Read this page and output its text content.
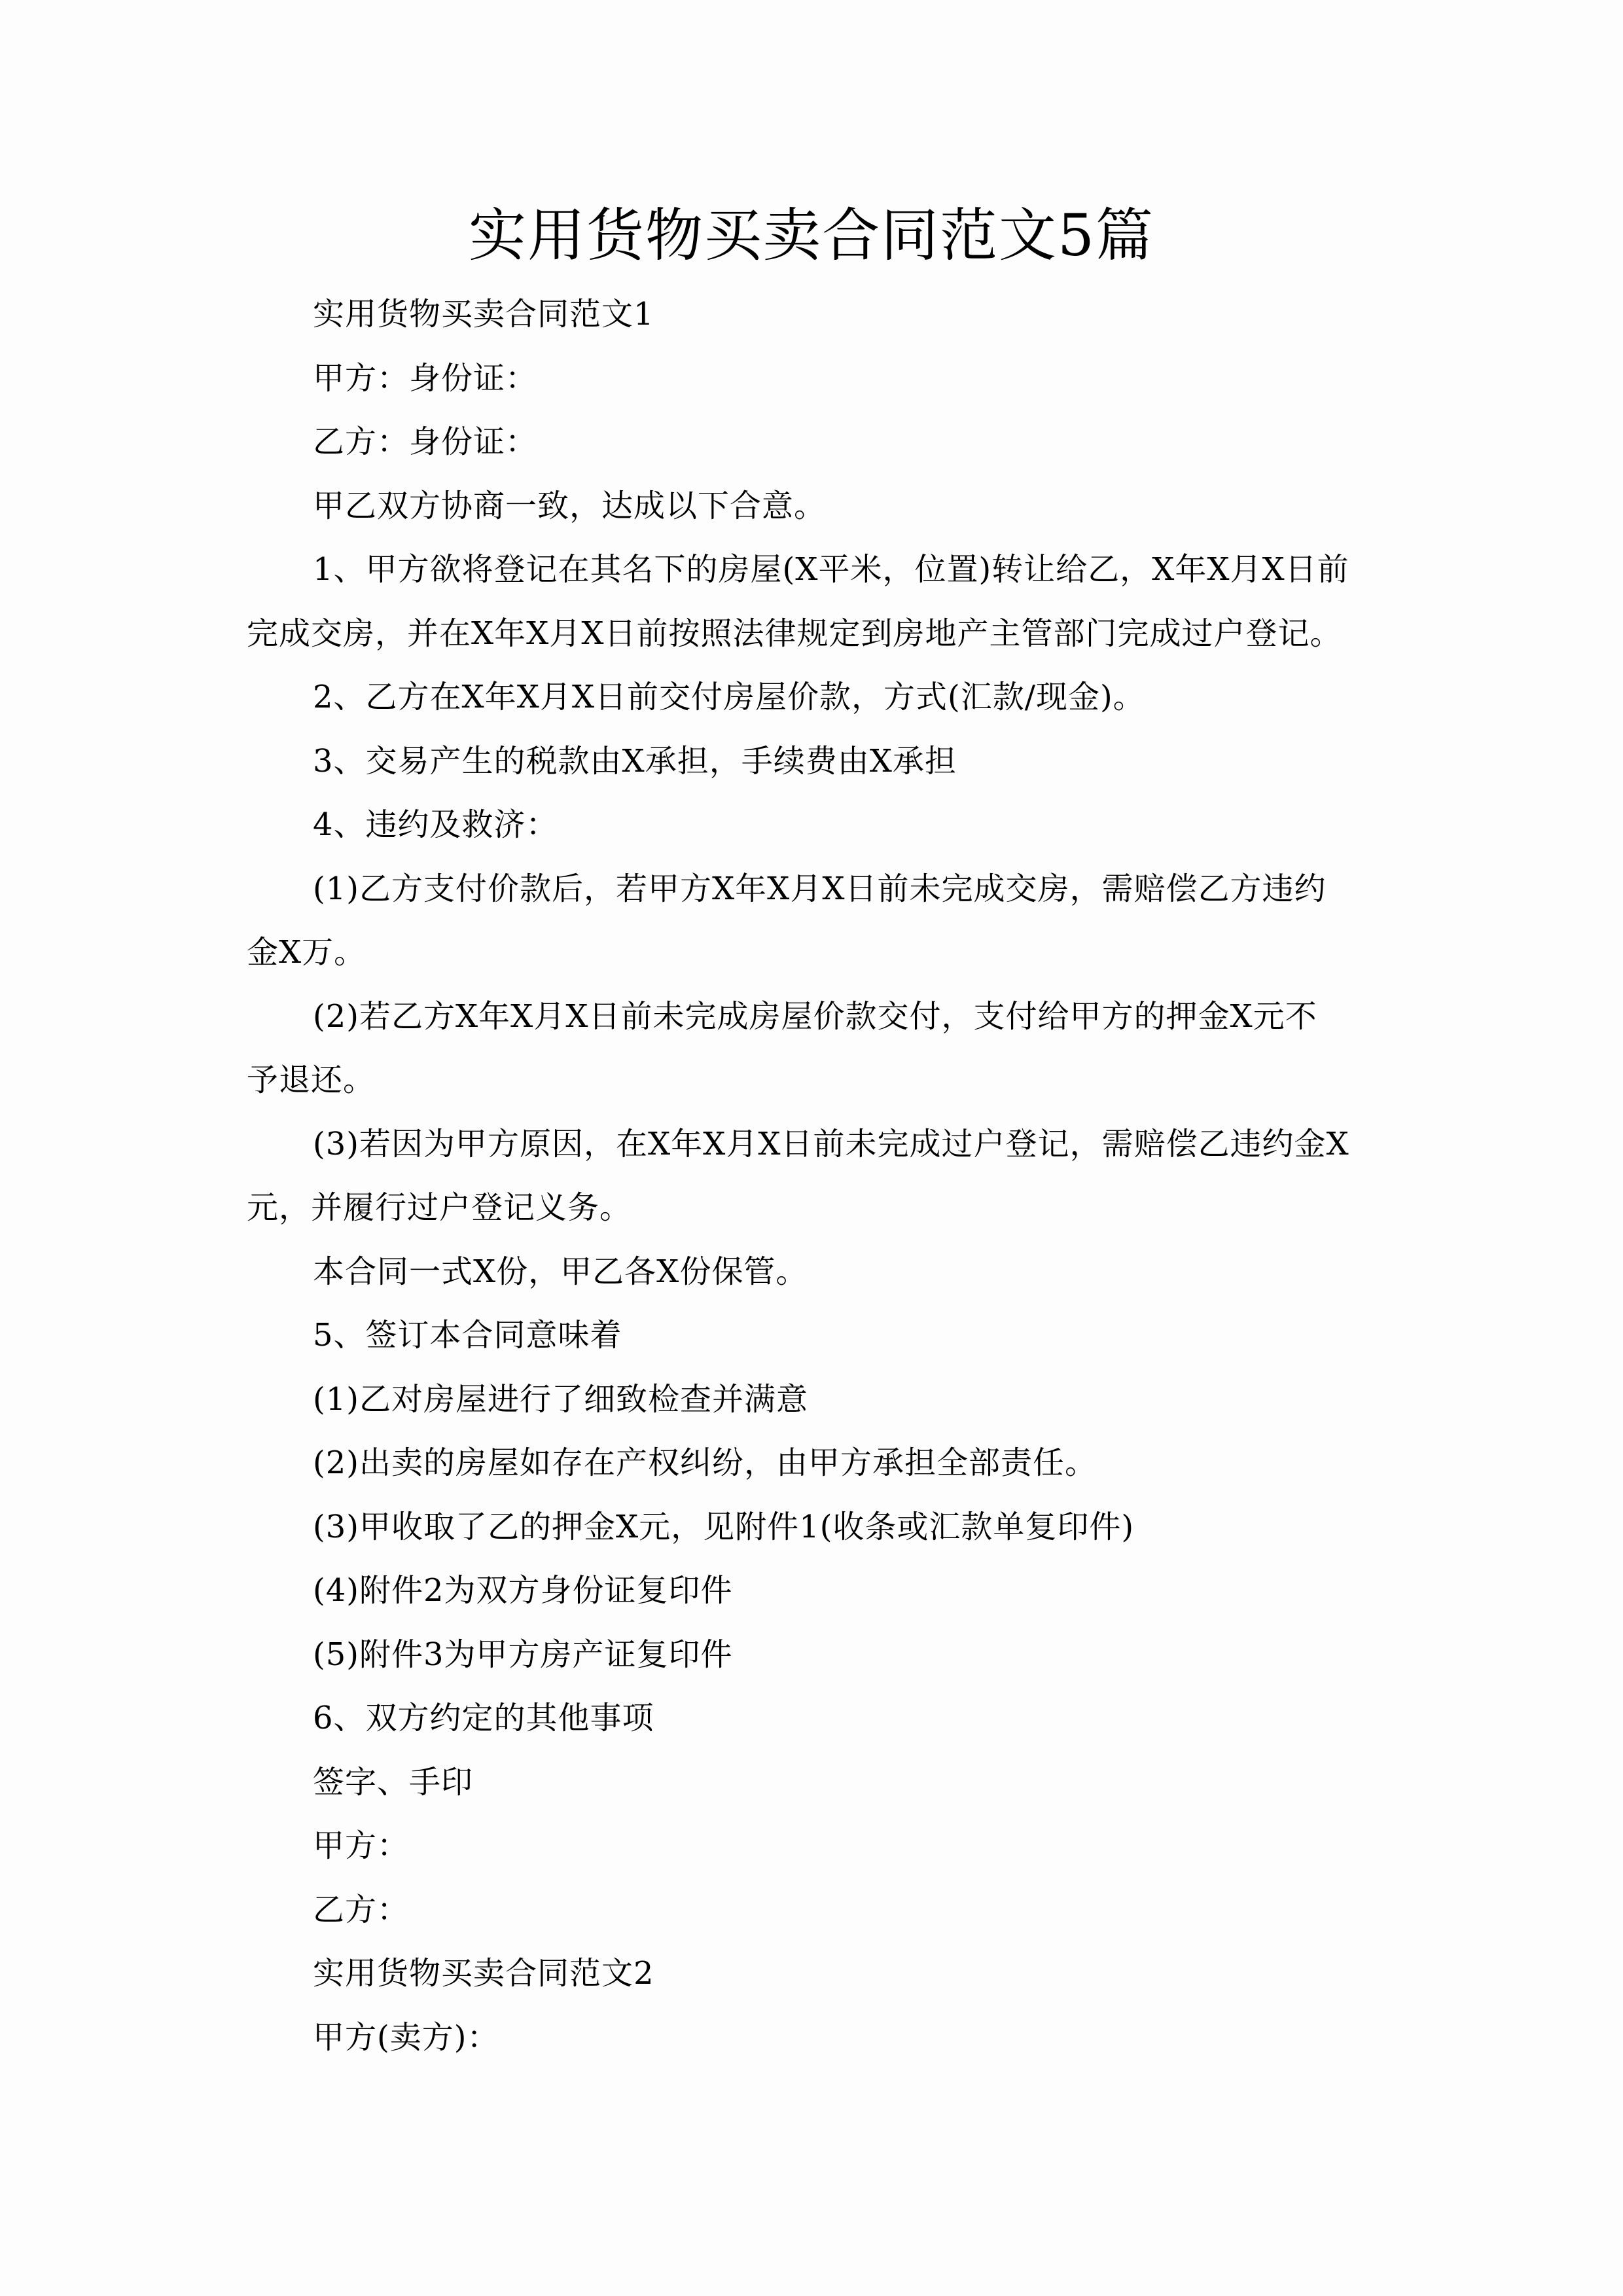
实用货物买卖合同范文5篇
实用货物买卖合同范文1
甲方：身份证：
乙方：身份证：
甲乙双方协商一致，达成以下合意。
1、甲方欲将登记在其名下的房屋(X平米，位置)转让给乙，X年X月X日前
完成交房，并在X年X月X日前按照法律规定到房地产主管部门完成过户登记。
2、乙方在X年X月X日前交付房屋价款，方式(汇款/现金)。
3、交易产生的税款由X承担，手续费由X承担
4、违约及救济：
(1)乙方支付价款后，若甲方X年X月X日前未完成交房，需赔偿乙方违约
金X万。
(2)若乙方X年X月X日前未完成房屋价款交付，支付给甲方的押金X元不
予退还。
(3)若因为甲方原因，在X年X月X日前未完成过户登记，需赔偿乙违约金X
元，并履行过户登记义务。
本合同一式X份，甲乙各X份保管。
5、签订本合同意味着
(1)乙对房屋进行了细致检查并满意
(2)出卖的房屋如存在产权纠纷，由甲方承担全部责任。
(3)甲收取了乙的押金X元，见附件1(收条或汇款单复印件)
(4)附件2为双方身份证复印件
(5)附件3为甲方房产证复印件
6、双方约定的其他事项
签字、手印
甲方：
乙方：
实用货物买卖合同范文2
甲方(卖方)：
